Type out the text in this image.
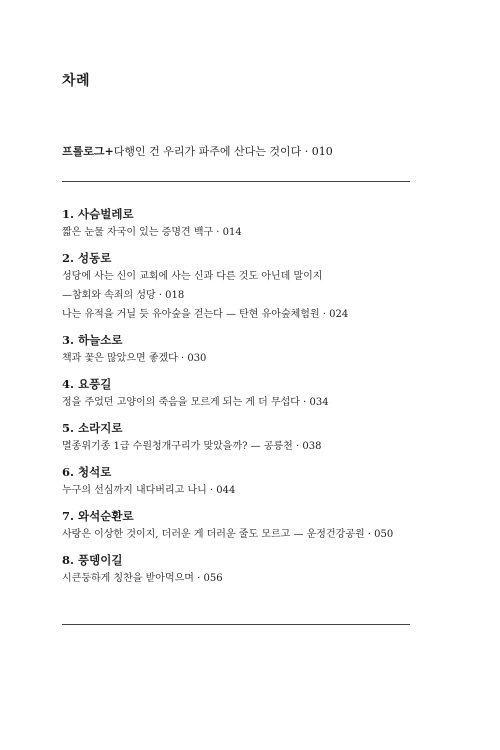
차례
프롤로그+다행인 건 우리가 파주에 산다는 것이다 · 010
1. 사슴벌레로
짧은 눈물 자국이 있는 증명견 백구 · 014
2. 성동로
성당에 사는 신이 교회에 사는 신과 다른 것도 아닌데 말이지
—참회와 속죄의 성당 · 018
나는 유적을 거닐 듯 유아숲을 걷는다 — 탄현 유아숲체험원 · 024
3. 하늘소로
책과 꽃은 많았으면 좋겠다 · 030
4. 요풍길
정을 주었던 고양이의 죽음을 모르게 되는 게 더 무섭다 · 034
5. 소라지로
멸종위기종 1급 수원청개구리가 맞았을까? — 공릉천 · 038
6. 청석로
누구의 선심까지 내다버리고 나니 · 044
7. 와석순환로
사랑은 이상한 것이지, 더러운 게 더러운 줄도 모르고 — 운정건강공원 · 050
8. 풍뎅이길
시큰둥하게 칭찬을 받아먹으며 · 056
